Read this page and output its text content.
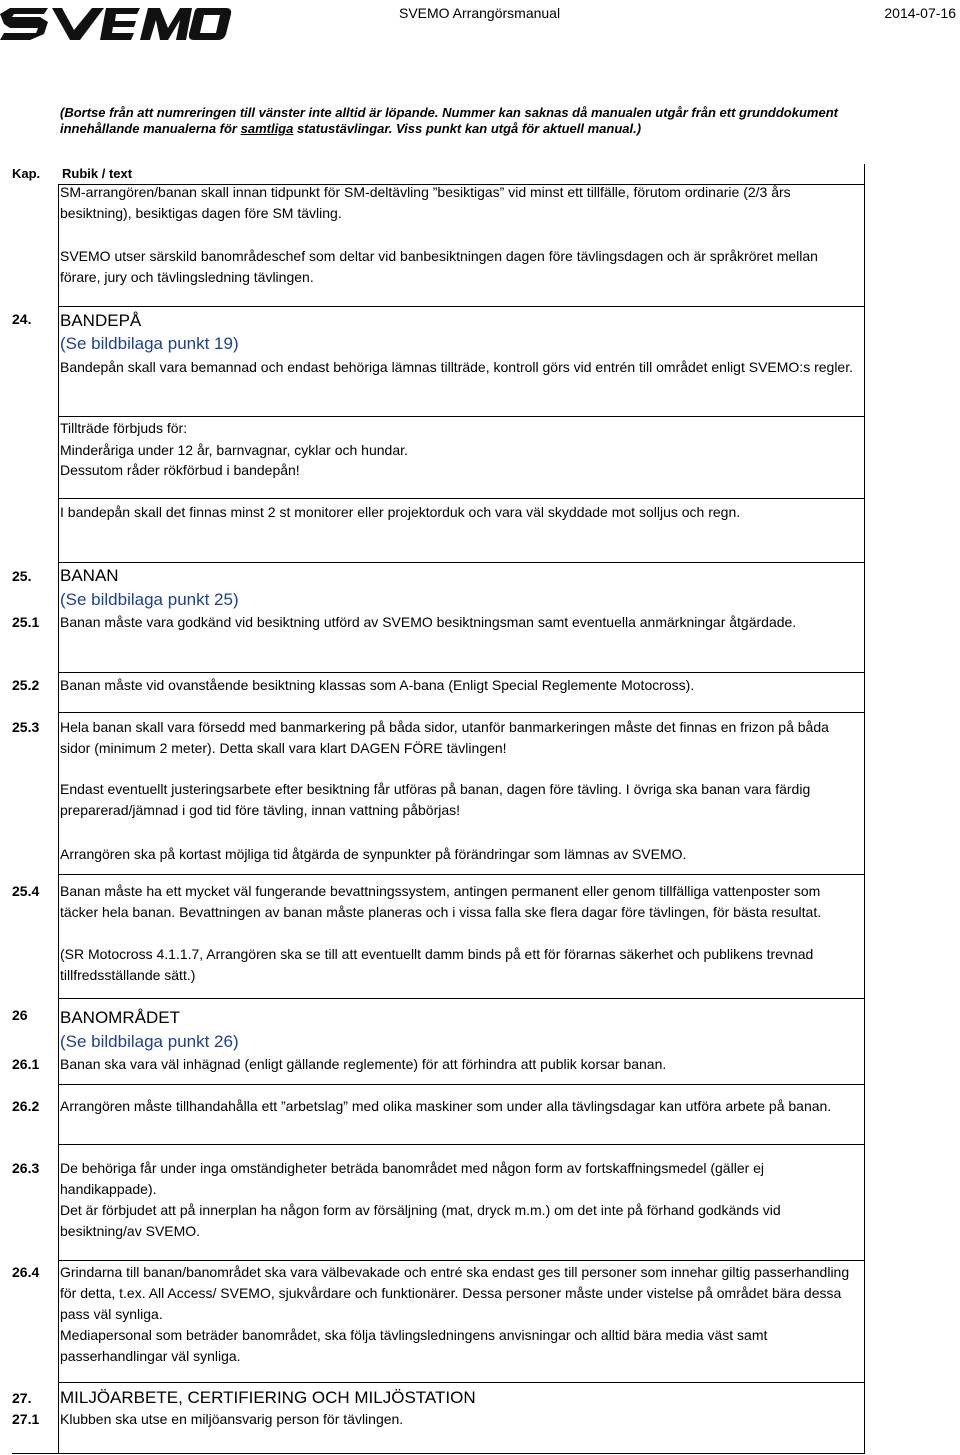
SVEMO Arrangörsmanual	2014-07-16
(Bortse från att numreringen till vänster inte alltid är löpande. Nummer kan saknas då manualen utgår från ett grunddokument innehållande manualerna för samtliga statustävlingar. Viss punkt kan utgå för aktuell manual.)
Kap. Rubik / text
SM-arrangören/banan skall innan tidpunkt för SM-deltävling ”besiktigas” vid minst ett tillfälle, förutom ordinarie (2/3 års besiktning), besiktigas dagen före SM tävling.
SVEMO utser särskild banområdeschef som deltar vid banbesiktningen dagen före tävlingsdagen och är språkröret mellan förare, jury och tävlingsledning tävlingen.
24. BANDEPÅ
(Se bildbilaga punkt 19)
Bandepån skall vara bemannad och endast behöriga lämnas tillträde, kontroll görs vid entrén till området enligt SVEMO:s regler.
Tillträde förbjuds för:
Minderåriga under 12 år, barnvagnar, cyklar och hundar.
Dessutom råder rökförbud i bandepån!
I bandepån skall det finnas minst 2 st monitorer eller projektorduk och vara väl skyddade mot solljus och regn.
25. BANAN
(Se bildbilaga punkt 25)
25.1 Banan måste vara godkänd vid besiktning utförd av SVEMO besiktningsman samt eventuella anmärkningar åtgärdade.
25.2 Banan måste vid ovanstående besiktning klassas som A-bana (Enligt Special Reglemente Motocross).
25.3 Hela banan skall vara försedd med banmarkering på båda sidor, utanför banmarkeringen måste det finnas en frizon på båda sidor (minimum 2 meter). Detta skall vara klart DAGEN FÖRE tävlingen!
Endast eventuellt justeringsarbete efter besiktning får utföras på banan, dagen före tävling. I övriga ska banan vara färdig preparerad/jämnad i god tid före tävling, innan vattning påbörjas!
Arrangören ska på kortast möjliga tid åtgärda de synpunkter på förändringar som lämnas av SVEMO.
25.4 Banan måste ha ett mycket väl fungerande bevattningssystem, antingen permanent eller genom tillfälliga vattenposter som täcker hela banan. Bevattningen av banan måste planeras och i vissa falla ske flera dagar före tävlingen, för bästa resultat.
(SR Motocross 4.1.1.7, Arrangören ska se till att eventuellt damm binds på ett för förarnas säkerhet och publikens trevnad tillfredsställande sätt.)
26 BANOMRÅDET
(Se bildbilaga punkt 26)
26.1 Banan ska vara väl inhägnad (enligt gällande reglemente) för att förhindra att publik korsar banan.
26.2 Arrangören måste tillhandahålla ett ”arbetslag” med olika maskiner som under alla tävlingsdagar kan utföra arbete på banan.
26.3 De behöriga får under inga omständigheter beträda banområdet med någon form av fortskaffningsmedel (gäller ej handikappade).
Det är förbjudet att på innerplan ha någon form av försäljning (mat, dryck m.m.) om det inte på förhand godkänds vid besiktning/av SVEMO.
26.4 Grindarna till banan/banområdet ska vara välbevakade och entré ska endast ges till personer som innehar giltig passerhandling för detta, t.ex. All Access/ SVEMO, sjukvårdare och funktionärer. Dessa personer måste under vistelse på området bära dessa pass väl synliga.
Mediapersonal som beträder banområdet, ska följa tävlingsledningens anvisningar och alltid bära media väst samt passerhandlingar väl synliga.
27. MILJÖARBETE, CERTIFIERING OCH MILJÖSTATION
27.1 Klubben ska utse en miljöansvarig person för tävlingen.
